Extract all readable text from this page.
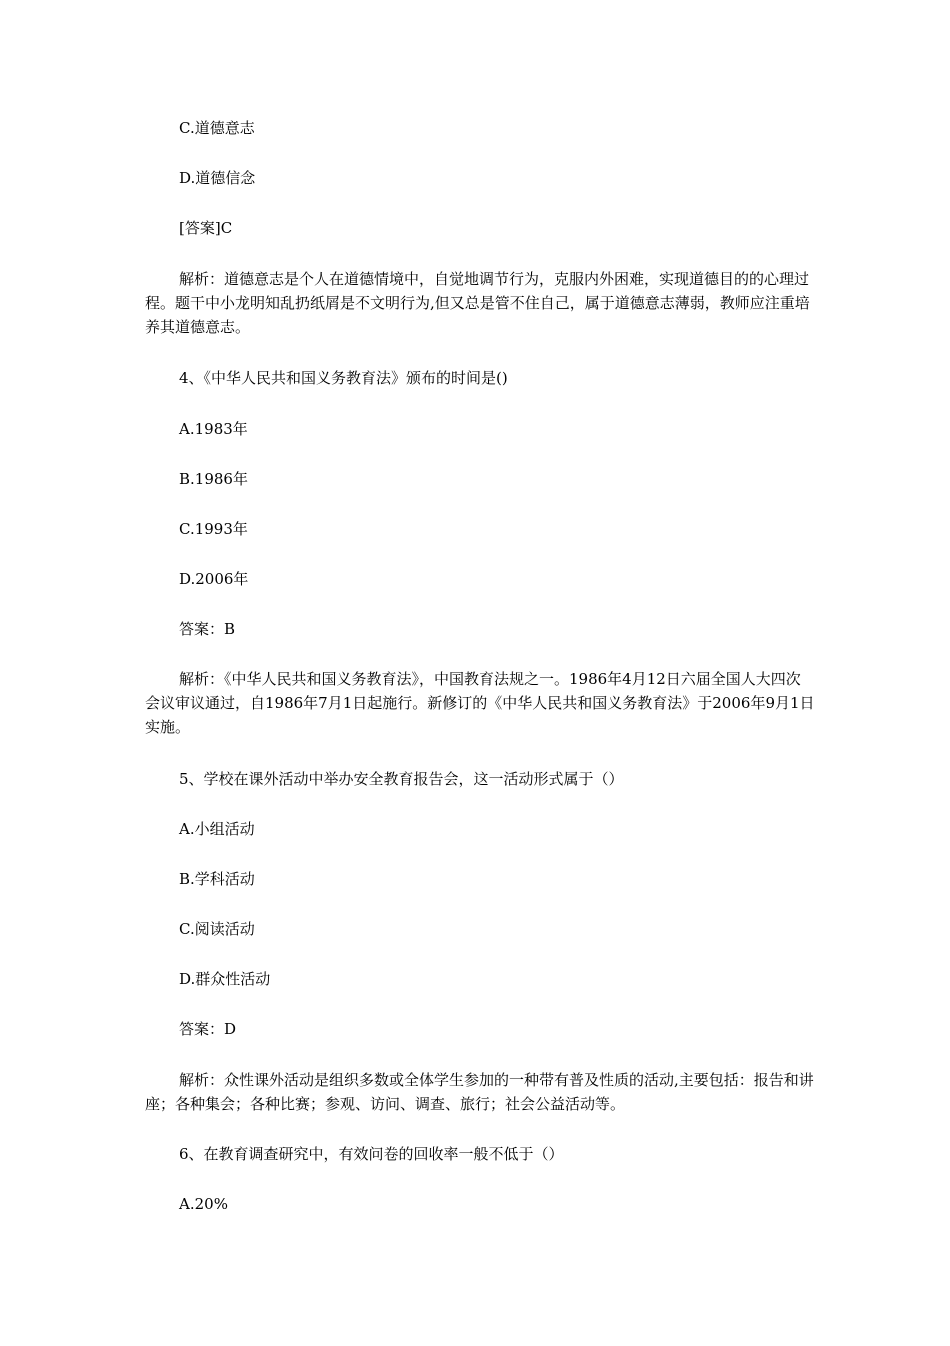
C.道德意志
D.道德信念
[答案]C
解析：道德意志是个人在道德情境中，自觉地调节行为，克服内外困难，实现道德目的的心理过程。题干中小龙明知乱扔纸屑是不文明行为,但又总是管不住自己，属于道德意志薄弱，教师应注重培养其道德意志。
4、《中华人民共和国义务教育法》颁布的时间是()
A.1983年
B.1986年
C.1993年
D.2006年
答案：B
解析：《中华人民共和国义务教育法》，中国教育法规之一。1986年4月12日六届全国人大四次会议审议通过，自1986年7月1日起施行。新修订的《中华人民共和国义务教育法》于2006年9月1日实施。
5、学校在课外活动中举办安全教育报告会，这一活动形式属于（）
A.小组活动
B.学科活动
C.阅读活动
D.群众性活动
答案：D
解析：众性课外活动是组织多数或全体学生参加的一种带有普及性质的活动,主要包括：报告和讲座；各种集会；各种比赛；参观、访问、调查、旅行；社会公益活动等。
6、在教育调查研究中，有效问卷的回收率一般不低于（）
A.20%
